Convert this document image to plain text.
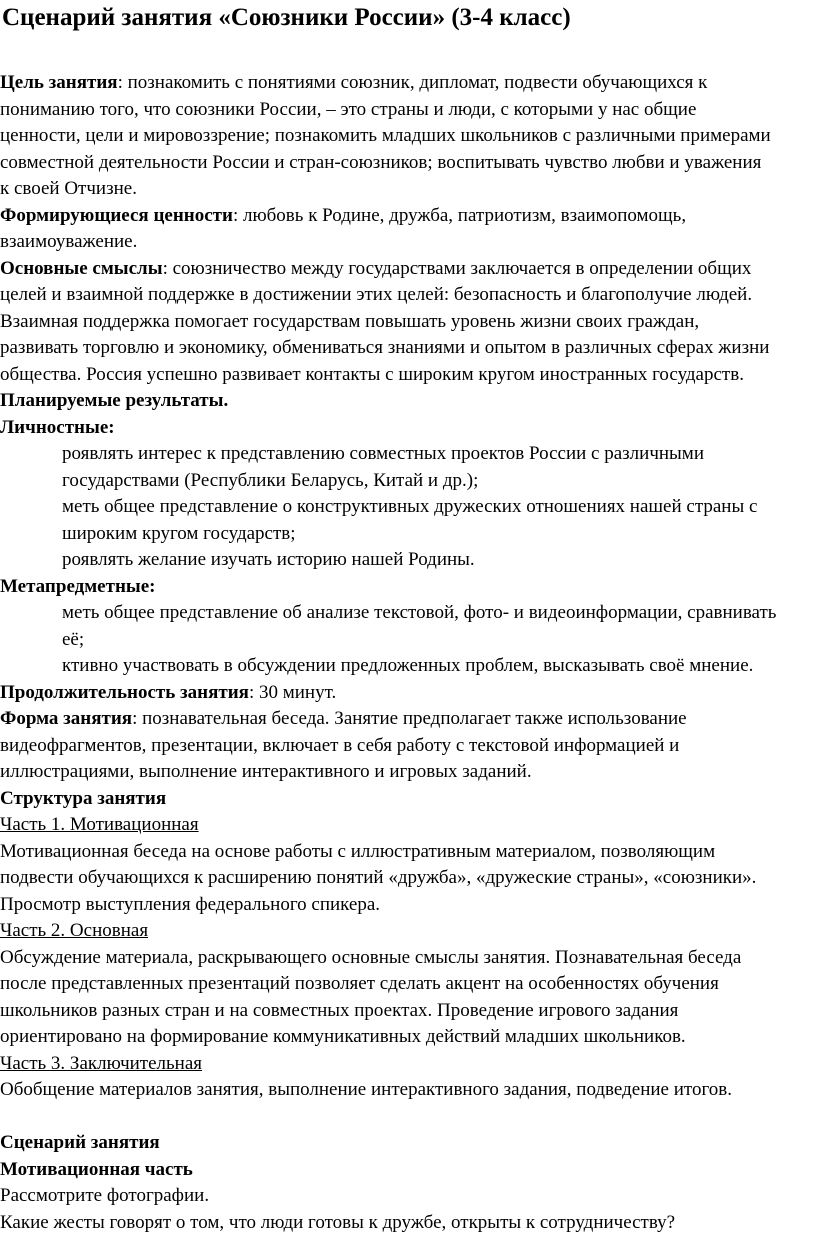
Сценарий занятия «Союзники России» (3-4 класс)
Цель занятия: познакомить с понятиями союзник, дипломат, подвести обучающихся к
пониманию того, что союзники России, – это страны и люди, с которыми у нас общие
ценности, цели и мировоззрение; познакомить младших школьников с различными примерами
совместной деятельности России и стран-союзников; воспитывать чувство любви и уважения
к своей Отчизне.
Формирующиеся ценности: любовь к Родине, дружба, патриотизм, взаимопомощь,
взаимоуважение.
Основные смыслы: союзничество между государствами заключается в определении общих
целей и взаимной поддержке в достижении этих целей: безопасность и благополучие людей.
Взаимная поддержка помогает государствам повышать уровень жизни своих граждан,
развивать торговлю и экономику, обмениваться знаниями и опытом в различных сферах жизни
общества. Россия успешно развивает контакты с широким кругом иностранных государств.
Планируемые результаты.
Личностные:
роявлять интерес к представлению совместных проектов России с различными
государствами (Республики Беларусь, Китай и др.);
меть общее представление о конструктивных дружеских отношениях нашей страны с
широким кругом государств;
роявлять желание изучать историю нашей Родины.
Метапредметные:
меть общее представление об анализе текстовой, фото- и видеоинформации, сравнивать
её;
ктивно участвовать в обсуждении предложенных проблем, высказывать своё мнение.
Продолжительность занятия: 30 минут.
Форма занятия: познавательная беседа. Занятие предполагает также использование
видеофрагментов, презентации, включает в себя работу с текстовой информацией и
иллюстрациями, выполнение интерактивного и игровых заданий.
Структура занятия
Часть 1. Мотивационная
Мотивационная беседа на основе работы с иллюстративным материалом, позволяющим
подвести обучающихся к расширению понятий «дружба», «дружеские страны», «союзники».
Просмотр выступления федерального спикера.
Часть 2. Основная
Обсуждение материала, раскрывающего основные смыслы занятия. Познавательная беседа
после представленных презентаций позволяет сделать акцент на особенностях обучения
школьников разных стран и на совместных проектах. Проведение игрового задания
ориентировано на формирование коммуникативных действий младших школьников.
Часть 3. Заключительная
Обобщение материалов занятия, выполнение интерактивного задания, подведение итогов.
Сценарий занятия
Мотивационная часть
Рассмотрите фотографии.
Какие жесты говорят о том, что люди готовы к дружбе, открыты к сотрудничеству?
